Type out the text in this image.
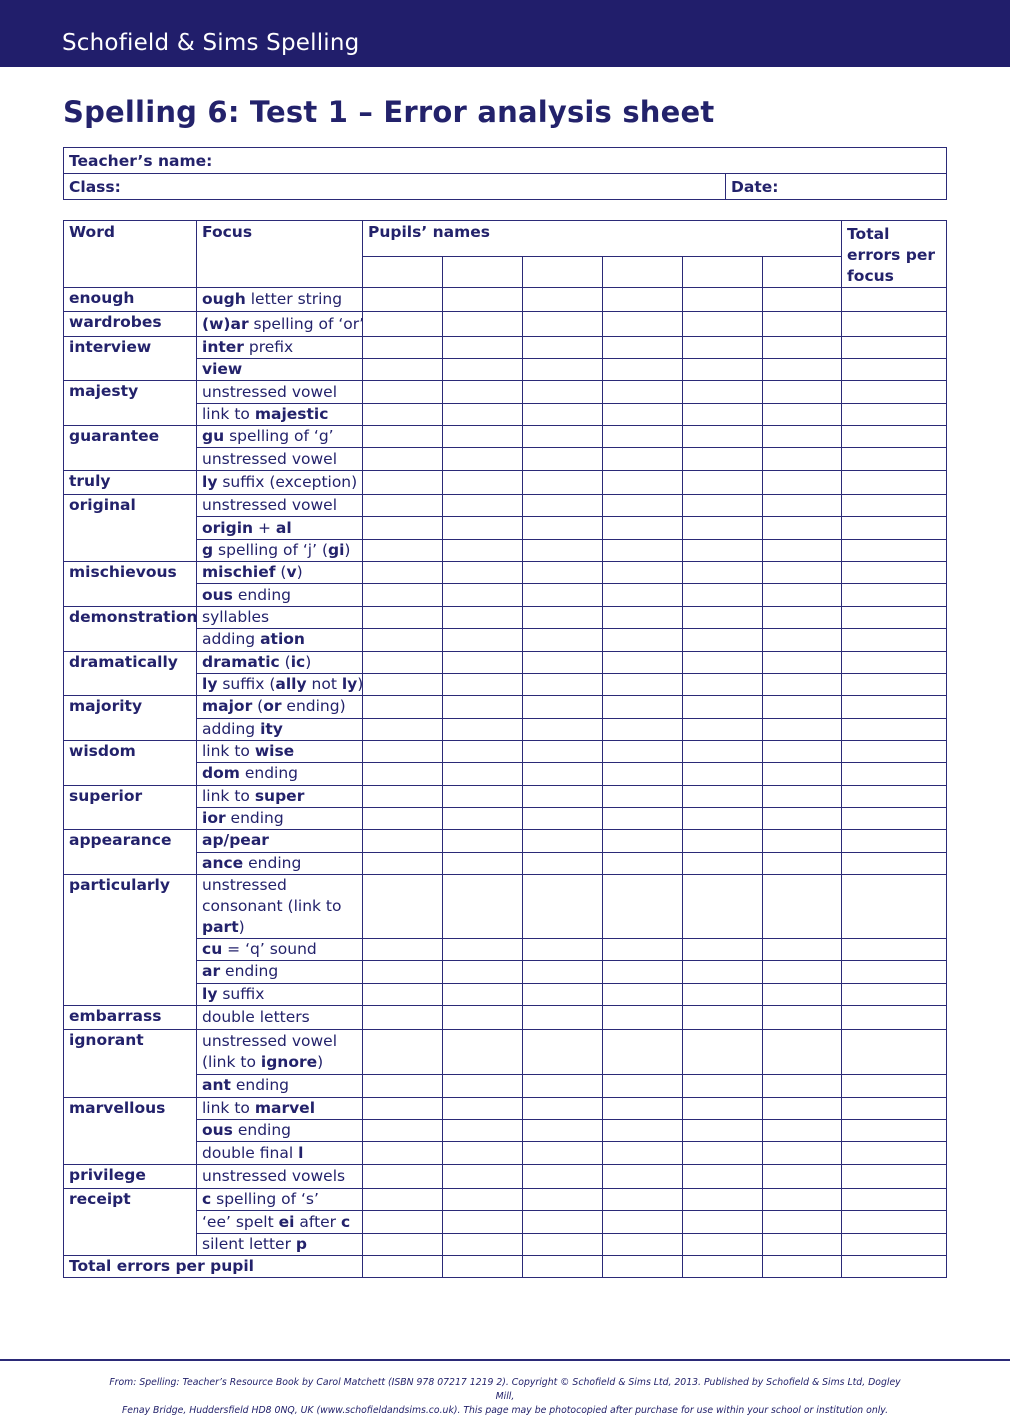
Schofield & Sims Spelling
Spelling 6: Test 1 – Error analysis sheet
Teacher’s name:
Class:	Date:
Word	Focus	Pupils’ names						Total errors per focus

enough	ough letter string							
wardrobes	(w)ar spelling of ‘or’							
interview	inter prefix							
	view							
majesty	unstressed vowel							
	link to majestic							
guarantee	gu spelling of ‘g’							
	unstressed vowel							
truly	ly suffix (exception)							
original	unstressed vowel							
	origin + al							
	g spelling of ‘j’ (gi)							
mischievous	mischief (v)							
	ous ending							
demonstration	syllables							
	adding ation							
dramatically	dramatic (ic)							
	ly suffix (ally not ly)							
majority	major (or ending)							
	adding ity							
wisdom	link to wise							
	dom ending							
superior	link to super							
	ior ending							
appearance	ap/pear							
	ance ending							
particularly	unstressed consonant (link to part)							
	cu = ‘q’ sound							
	ar ending							
	ly suffix							
embarrass	double letters							
ignorant	unstressed vowel (link to ignore)							
	ant ending							
marvellous	link to marvel							
	ous ending							
	double final l							
privilege	unstressed vowels							
receipt	c spelling of ‘s’							
	‘ee’ spelt ei after c							
	silent letter p							
Total errors per pupil								
From: Spelling: Teacher’s Resource Book by Carol Matchett (ISBN 978 07217 1219 2). Copyright © Schofield & Sims Ltd, 2013. Published by Schofield & Sims Ltd, Dogley Mill,
Fenay Bridge, Huddersfield HD8 0NQ, UK (www.schofieldandsims.co.uk). This page may be photocopied after purchase for use within your school or institution only.
